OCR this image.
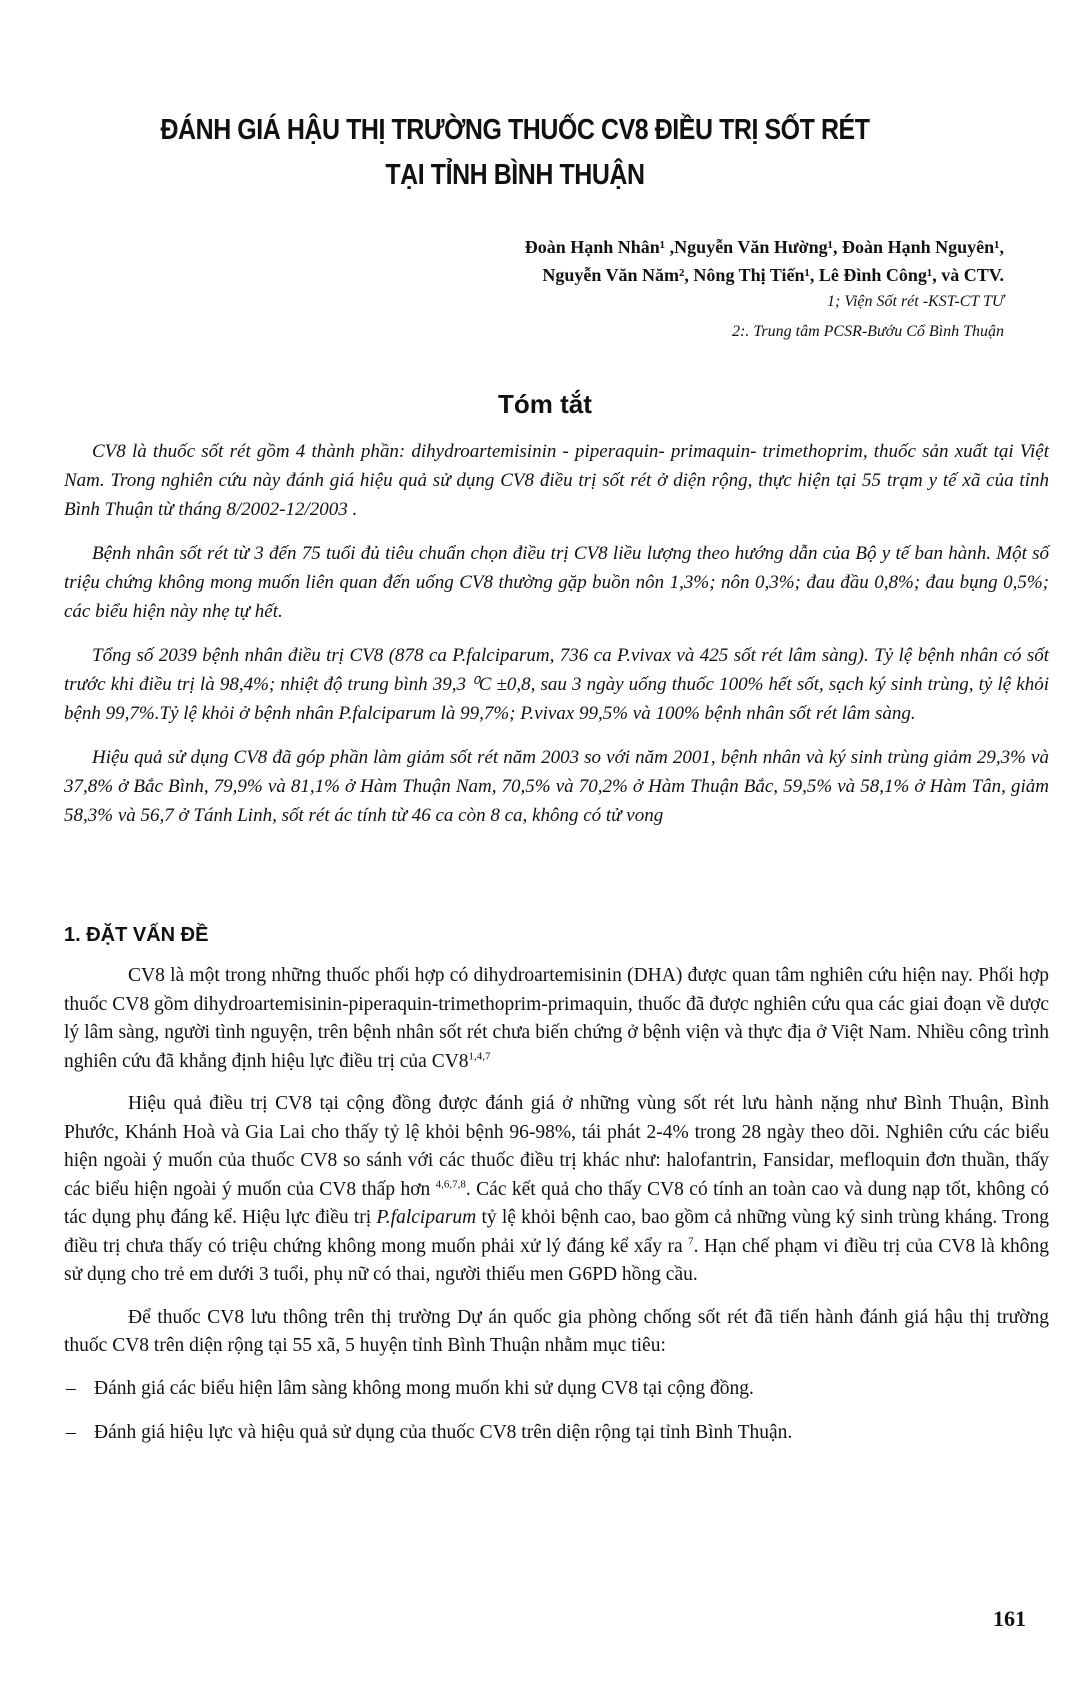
ĐÁNH GIÁ HẬU THỊ TRƯỜNG THUỐC CV8 ĐIỀU TRỊ SỐT RÉT
TẠI TỈNH BÌNH THUẬN
Đoàn Hạnh Nhân¹ ,Nguyễn Văn Hường¹, Đoàn Hạnh Nguyên¹,
Nguyễn Văn Năm², Nông Thị Tiến¹, Lê Đình Công¹, và CTV.
1; Viện Sốt rét -KST-CT TƯ
2:. Trung tâm PCSR-Bướu Cổ Bình Thuận
Tóm tắt

CV8 là thuốc sốt rét gồm 4 thành phần: dihydroartemisinin - piperaquin- primaquin- trimethoprim, thuốc sản xuất tại Việt Nam. Trong nghiên cứu này đánh giá hiệu quả sử dụng CV8 điều trị sốt rét ở diện rộng, thực hiện tại 55 trạm y tế xã của tỉnh Bình Thuận từ tháng 8/2002-12/2003 .

Bệnh nhân sốt rét từ 3 đến 75 tuổi đủ tiêu chuẩn chọn điều trị CV8 liều lượng theo hướng dẫn của Bộ y tế ban hành. Một số triệu chứng không mong muốn liên quan đến uống CV8 thường gặp buồn nôn 1,3%; nôn 0,3%; đau đầu 0,8%; đau bụng 0,5%; các biểu hiện này nhẹ tự hết.

Tổng số 2039 bệnh nhân điều trị CV8 (878 ca P.falciparum, 736 ca P.vivax và 425 sốt rét lâm sàng). Tỷ lệ bệnh nhân có sốt trước khi điều trị là 98,4%; nhiệt độ trung bình 39,3 ⁰C ±0,8, sau 3 ngày uống thuốc 100% hết sốt, sạch ký sinh trùng, tỷ lệ khỏi bệnh 99,7%.Tỷ lệ khỏi ở bệnh nhân P.falciparum là 99,7%; P.vivax 99,5% và 100% bệnh nhân sốt rét lâm sàng.

Hiệu quả sử dụng CV8 đã góp phần làm giảm sốt rét năm 2003 so với năm 2001, bệnh nhân và ký sinh trùng giảm 29,3% và 37,8% ở Bắc Bình, 79,9% và 81,1% ở Hàm Thuận Nam, 70,5% và 70,2% ở Hàm Thuận Bắc, 59,5% và 58,1% ở Hàm Tân, giảm 58,3% và 56,7 ở Tánh Linh, sốt rét ác tính từ 46 ca còn 8 ca, không có tử vong

1. ĐẶT VẤN ĐỀ

CV8 là một trong những thuốc phối hợp có dihydroartemisinin (DHA) được quan tâm nghiên cứu hiện nay. Phối hợp thuốc CV8 gồm dihydroartemisinin-piperaquin-trimethoprim-primaquin, thuốc đã được nghiên cứu qua các giai đoạn về dược lý lâm sàng, người tình nguyện, trên bệnh nhân sốt rét chưa biến chứng ở bệnh viện và thực địa ở Việt Nam. Nhiều công trình nghiên cứu đã khẳng định hiệu lực điều trị của CV8$^{1,4,7}$

Hiệu quả điều trị CV8 tại cộng đồng được đánh giá ở những vùng sốt rét lưu hành nặng như Bình Thuận, Bình Phước, Khánh Hoà và Gia Lai cho thấy tỷ lệ khỏi bệnh 96-98%, tái phát 2-4% trong 28 ngày theo dõi. Nghiên cứu các biểu hiện ngoài ý muốn của thuốc CV8 so sánh với các thuốc điều trị khác như: halofantrin, Fansidar, mefloquin đơn thuần, thấy các biểu hiện ngoài ý muốn của CV8 thấp hơn $^{4,6,7,8}$. Các kết quả cho thấy CV8 có tính an toàn cao và dung nạp tốt, không có tác dụng phụ đáng kể. Hiệu lực điều trị P.falciparum tỷ lệ khỏi bệnh cao, bao gồm cả những vùng ký sinh trùng kháng. Trong điều trị chưa thấy có triệu chứng không mong muốn phải xử lý đáng kể xẩy ra $^7$. Hạn chế phạm vi điều trị của CV8 là không sử dụng cho trẻ em dưới 3 tuổi, phụ nữ có thai, người thiếu men G6PD hồng cầu.

Để thuốc CV8 lưu thông trên thị trường Dự án quốc gia phòng chống sốt rét đã tiến hành đánh giá hậu thị trường thuốc CV8 trên diện rộng tại 55 xã, 5 huyện tỉnh Bình Thuận nhằm mục tiêu:

– Đánh giá các biểu hiện lâm sàng không mong muốn khi sử dụng CV8 tại cộng đồng.
– Đánh giá hiệu lực và hiệu quả sử dụng của thuốc CV8 trên diện rộng tại tỉnh Bình Thuận.
161
